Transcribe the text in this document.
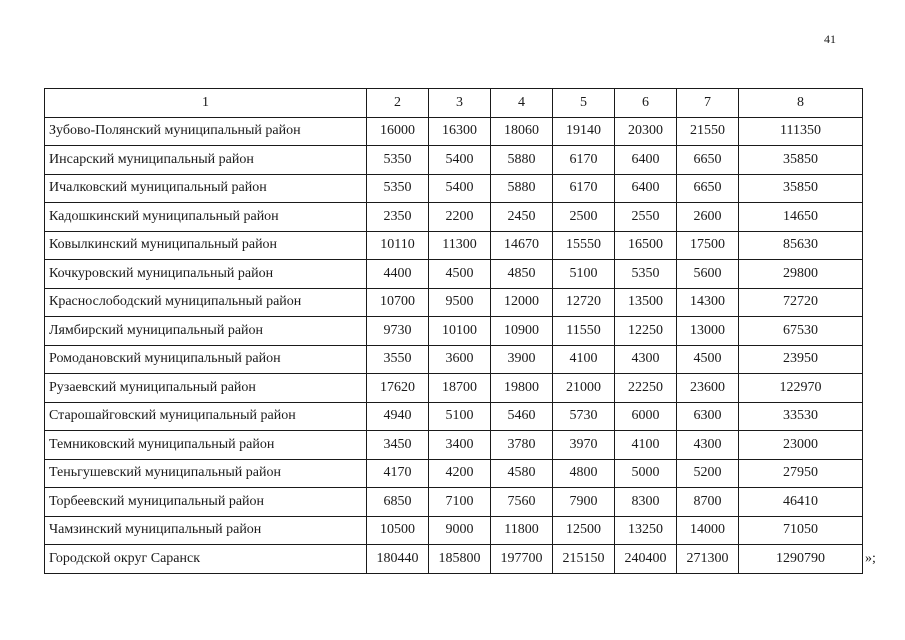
41
1	2	3	4	5	6	7	8
Зубово-Полянский муниципальный район	16000	16300	18060	19140	20300	21550	111350
Инсарский муниципальный район	5350	5400	5880	6170	6400	6650	35850
Ичалковский муниципальный район	5350	5400	5880	6170	6400	6650	35850
Кадошкинский муниципальный район	2350	2200	2450	2500	2550	2600	14650
Ковылкинский муниципальный район	10110	11300	14670	15550	16500	17500	85630
Кочкуровский муниципальный район	4400	4500	4850	5100	5350	5600	29800
Краснослободский муниципальный район	10700	9500	12000	12720	13500	14300	72720
Лямбирский муниципальный район	9730	10100	10900	11550	12250	13000	67530
Ромодановский муниципальный район	3550	3600	3900	4100	4300	4500	23950
Рузаевский муниципальный район	17620	18700	19800	21000	22250	23600	122970
Старошайговский муниципальный район	4940	5100	5460	5730	6000	6300	33530
Темниковский муниципальный район	3450	3400	3780	3970	4100	4300	23000
Теньгушевский муниципальный район	4170	4200	4580	4800	5000	5200	27950
Торбеевский муниципальный район	6850	7100	7560	7900	8300	8700	46410
Чамзинский муниципальный район	10500	9000	11800	12500	13250	14000	71050
Городской округ Саранск	180440	185800	197700	215150	240400	271300	1290790	»;
